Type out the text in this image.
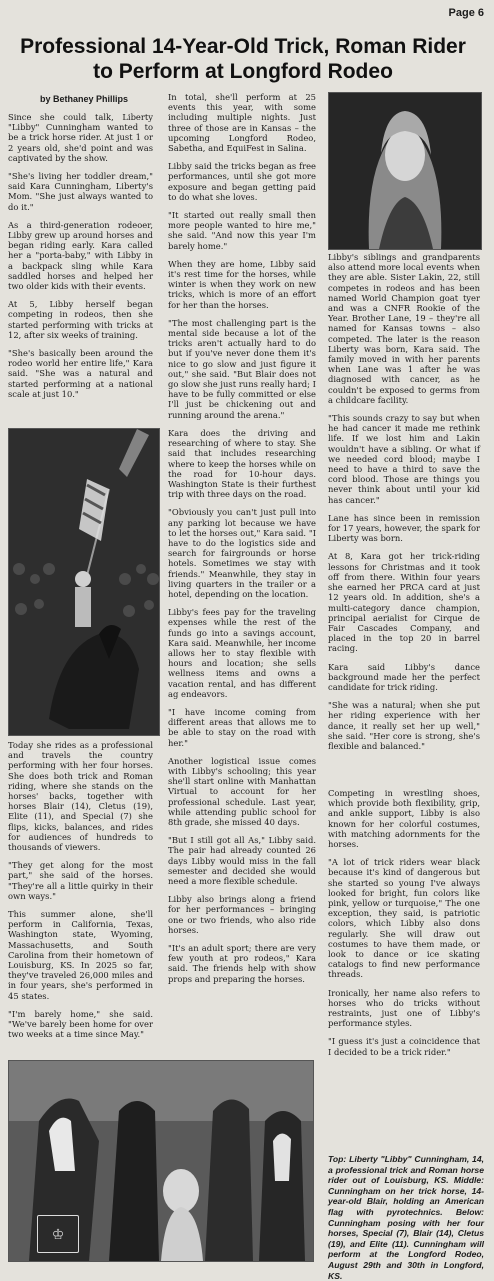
Page 6

Professional 14-Year-Old Trick, Roman Rider to Perform at Longford Rodeo
by Bethaney Phillips

Since she could talk, Liberty "Libby" Cunningham wanted to be a trick horse rider. At just 1 or 2 years old, she'd point and was captivated by the show.

"She's living her toddler dream," said Kara Cunningham, Liberty's Mom. "She just always wanted to do it."

As a third-generation rodeoer, Libby grew up around horses and began riding early. Kara called her a "porta-baby," with Libby in a backpack sling while Kara saddled horses and helped her two older kids with their events.

At 5, Libby herself began competing in rodeos, then she started performing with tricks at 12, after six weeks of training.

"She's basically been around the rodeo world her entire life," Kara said. "She was a natural and started performing at a national scale at just 10."

Today she rides as a professional and travels the country performing with her four horses. She does both trick and Roman riding, where she stands on the horses' backs, together with horses Blair (14), Cletus (19), Elite (11), and Special (7) she flips, kicks, balances, and rides for audiences of hundreds to thousands of viewers.

"They get along for the most part," she said of the horses. "They're all a little quirky in their own ways."

This summer alone, she'll perform in California, Texas, Washington state, Wyoming, Massachusetts, and South Carolina from their hometown of Louisburg, KS. In 2025 so far, they've traveled 26,000 miles and in four years, she's performed in 45 states.

"I'm barely home," she said. "We've barely been home for over two weeks at a time since May."

In total, she'll perform at 25 events this year, with some including multiple nights. Just three of those are in Kansas – the upcoming Longford Rodeo, Sabetha, and EquiFest in Salina.

Libby said the tricks began as free performances, until she got more exposure and began getting paid to do what she loves.

"It started out really small then more people wanted to hire me," she said. "And now this year I'm barely home."

When they are home, Libby said it's rest time for the horses, while winter is when they work on new tricks, which is more of an effort for her than the horses.

"The most challenging part is the mental side because a lot of the tricks aren't actually hard to do but if you've never done them it's nice to go slow and just figure it out," she said. "But Blair does not go slow she just runs really hard; I have to be fully committed or else I'll just be chickening out and running around the arena."

Kara does the driving and researching of where to stay. She said that includes researching where to keep the horses while on the road for 10-hour days. Washington State is their furthest trip with three days on the road.

"Obviously you can't just pull into any parking lot because we have to let the horses out," Kara said. "I have to do the logistics side and search for fairgrounds or horse hotels. Sometimes we stay with friends." Meanwhile, they stay in living quarters in the trailer or a hotel, depending on the location.

Libby's fees pay for the traveling expenses while the rest of the funds go into a savings account, Kara said. Meanwhile, her income allows her to stay flexible with hours and location; she sells wellness items and owns a vacation rental, and has different ag endeavors.

"I have income coming from different areas that allows me to be able to stay on the road with her."

Another logistical issue comes with Libby's schooling; this year she'll start online with Manhattan Virtual to account for her professional schedule. Last year, while attending public school for 8th grade, she missed 40 days.

"But I still got all As," Libby said. The pair had already counted 26 days Libby would miss in the fall semester and decided she would need a more flexible schedule.

Libby also brings along a friend for her performances – bringing one or two friends, who also ride horses.

"It's an adult sport; there are very few youth at pro rodeos," Kara said. The friends help with show props and preparing the horses.

Libby's siblings and grandparents also attend more local events when they are able. Sister Lakin, 22, still competes in rodeos and has been named World Champion goat tyer and was a CNFR Rookie of the Year. Brother Lane, 19 – they're all named for Kansas towns – also competed. The later is the reason Liberty was born, Kara said. The family moved in with her parents when Lane was 1 after he was diagnosed with cancer, as he couldn't be exposed to germs from a childcare facility.

"This sounds crazy to say but when he had cancer it made me rethink life. If we lost him and Lakin wouldn't have a sibling. Or what if we needed cord blood; maybe I need to have a third to save the cord blood. Those are things you never think about until your kid has cancer."

Lane has since been in remission for 17 years, however, the spark for Liberty was born.

At 8, Kara got her trick-riding lessons for Christmas and it took off from there. Within four years she earned her PRCA card at just 12 years old. In addition, she's a multi-category dance champion, principal aerialist for Cirque de Fair Cascades Company, and placed in the top 20 in barrel racing.

Kara said Libby's dance background made her the perfect candidate for trick riding.

"She was a natural; when she put her riding experience with her dance, it really set her up well," she said. "Her core is strong, she's flexible and balanced."

Competing in wrestling shoes, which provide both flexibility, grip, and ankle support, Libby is also known for her colorful costumes, with matching adornments for the horses.

"A lot of trick riders wear black because it's kind of dangerous but she started so young I've always looked for bright, fun colors like pink, yellow or turquoise," The one exception, they said, is patriotic colors, which Libby also dons regularly. She will draw out costumes to have them made, or look to dance or ice skating catalogs to find new performance threads.

Ironically, her name also refers to horses who do tricks without restraints, just one of Libby's performance styles.

"I guess it's just a coincidence that I decided to be a trick rider."

♔
Top: Liberty "Libby" Cunningham, 14, a professional trick and Roman horse rider out of Louisburg, KS. Middle: Cunningham on her trick horse, 14-year-old Blair, holding an American flag with pyrotechnics. Below: Cunningham posing with her four horses, Special (7), Blair (14), Cletus (19), and Elite (11). Cunningham will perform at the Longford Rodeo, August 29th and 30th in Longford, KS.
